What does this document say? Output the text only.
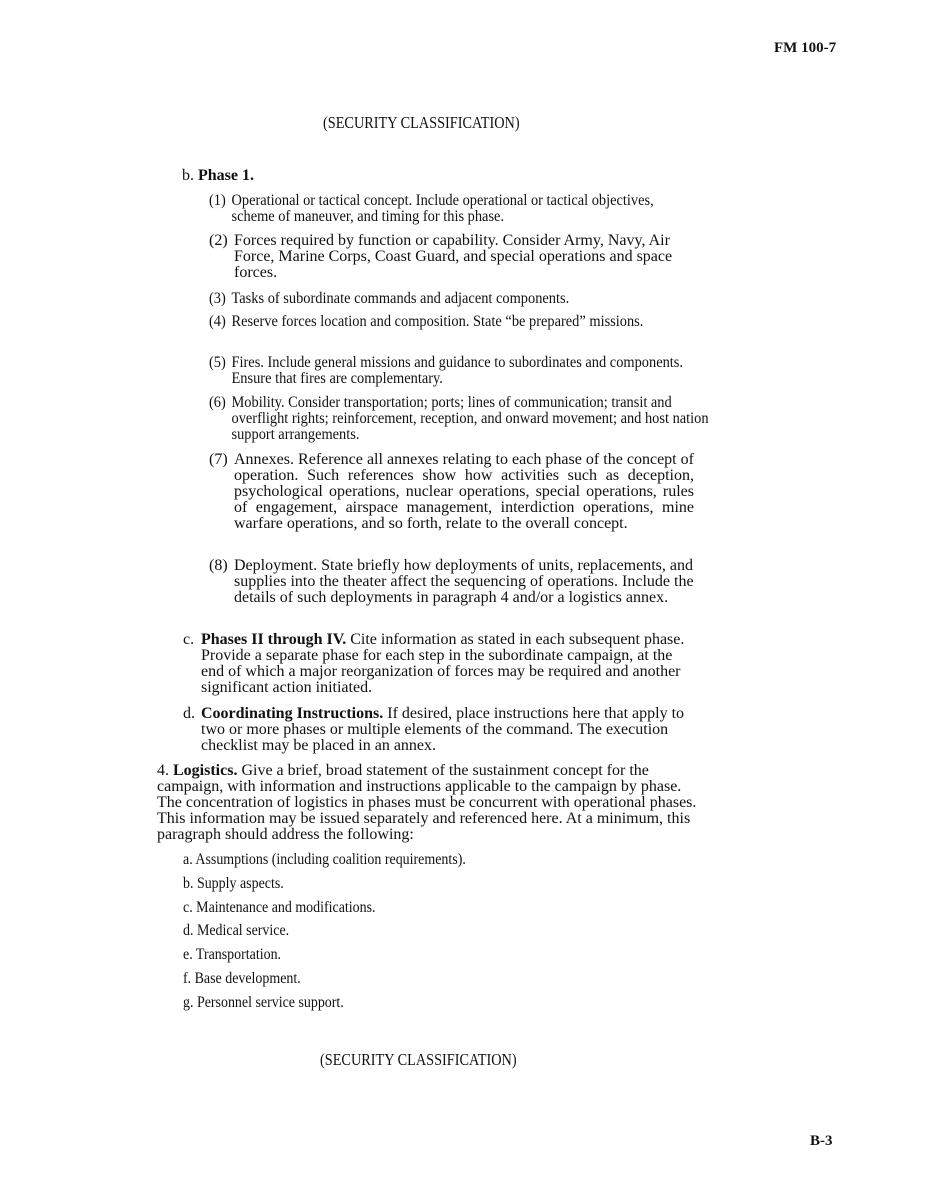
FM 100-7
(SECURITY CLASSIFICATION)
b. Phase 1.
(1) Operational or tactical concept. Include operational or tactical objectives, scheme of maneuver, and timing for this phase.
(2) Forces required by function or capability. Consider Army, Navy, Air Force, Marine Corps, Coast Guard, and special operations and space forces.
(3) Tasks of subordinate commands and adjacent components.
(4) Reserve forces location and composition. State “be prepared” missions.
(5) Fires. Include general missions and guidance to subordinates and components. Ensure that fires are complementary.
(6) Mobility. Consider transportation; ports; lines of communication; transit and overflight rights; reinforcement, reception, and onward movement; and host nation support arrangements.
(7) Annexes. Reference all annexes relating to each phase of the concept of operation. Such references show how activities such as deception, psychological operations, nuclear operations, special operations, rules of engagement, airspace management, interdiction operations, mine warfare operations, and so forth, relate to the overall concept.
(8) Deployment. State briefly how deployments of units, replacements, and supplies into the theater affect the sequencing of operations. Include the details of such deployments in paragraph 4 and/or a logistics annex.
c. Phases II through IV. Cite information as stated in each subsequent phase. Provide a separate phase for each step in the subordinate campaign, at the end of which a major reorganization of forces may be required and another significant action initiated.
d. Coordinating Instructions. If desired, place instructions here that apply to two or more phases or multiple elements of the command. The execution checklist may be placed in an annex.
4. Logistics. Give a brief, broad statement of the sustainment concept for the campaign, with information and instructions applicable to the campaign by phase. The concentration of logistics in phases must be concurrent with operational phases. This information may be issued separately and referenced here. At a minimum, this paragraph should address the following:
a. Assumptions (including coalition requirements).
b. Supply aspects.
c. Maintenance and modifications.
d. Medical service.
e. Transportation.
f. Base development.
g. Personnel service support.
(SECURITY CLASSIFICATION)
B-3
